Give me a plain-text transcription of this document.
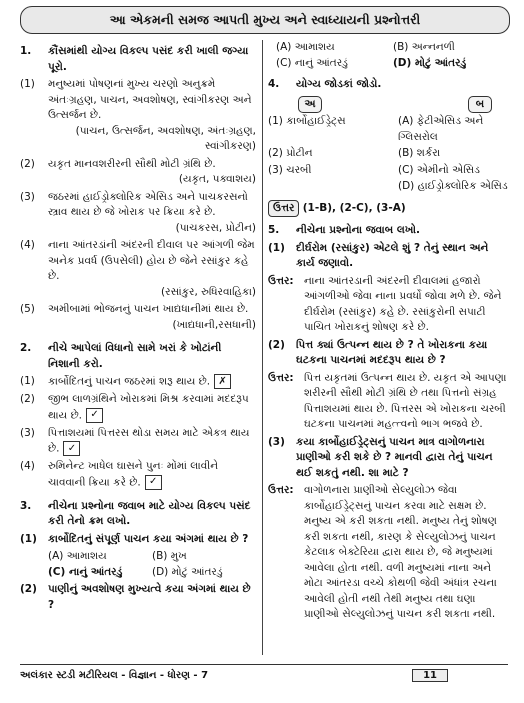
આ એકમની સમજ આપતી મુખ્ય અને સ્વાધ્યાયની પ્રશ્નોત્તરી
1.	કૌંસમાંથી યોગ્ય વિકલ્પ પસંદ કરી ખાલી જગ્યા પૂરો.
(1)	મનુષ્યમાં પોષણનાં મુખ્ય ચરણો અનુક્રમે અંતઃગ્રહણ, પાચન, અવશોષણ, સ્વાંગીકરણ અને ઉત્સર્જન છે.
(પાચન, ઉત્સર્જન, અવશોષણ, અંતઃગ્રહણ, સ્વાંગીકરણ)
(2)	યકૃત માનવશરીરની સૌથી મોટી ગ્રંથિ છે.
(યકૃત, પક્વાશય)
(3)	જઠરમાં હાઈડ્રોક્લોરિક એસિડ અને પાચકરસનો સ્ત્રાવ થાય છે જે ખોરાક પર ક્રિયા કરે છે.
(પાચકરસ, પ્રોટીન)
(4)	નાના આંતરડાંની અંદરની દીવાલ પર આંગળી જેમ અનેક પ્રવર્ધ (ઉપસેલી) હોય છે જેને રસાંકુર કહે છે.
(રસાંકુર, રુધિરવાહિકા)
(5)	અમીબામાં ભોજનનું પાચન ખાદ્યધાનીમાં થાય છે.
(ખાદ્યધાની,રસધાની)
2.	નીચે આપેલાં વિધાનો સામે ખરાં કે ખોટાંની નિશાની કરો.
(1)	કાર્બોદિતનું પાચન જઠરમાં શરૂ થાય છે. ✗
(2)	જીભ લાળગ્રંથિને ખોરાકમાં મિશ્ર કરવામાં મદદરૂપ થાય છે. ✓
(3)	પિત્તાશયમાં પિત્તરસ થોડા સમય માટે એકત્ર થાય છે. ✓
(4)	રુમિનેન્ટ ખાધેલ ઘાસને પુનઃ મોંમાં લાવીને ચાવવાની ક્રિયા કરે છે. ✓
3.	નીચેના પ્રશ્નોના જવાબ માટે યોગ્ય વિકલ્પ પસંદ કરી તેનો ક્રમ લખો.
(1)	કાર્બોદિતનું સંપૂર્ણ પાચન કયા અંગમાં થાય છે ?
(A) આમાશય	(B) મુખ
(C) નાનું આંતરડું	(D) મોટું આંતરડું
(2)	પાણીનું અવશોષણ મુખ્યત્વે કયા અંગમાં થાય છે ?
(A) આમાશય	(B) અન્નનળી
(C) નાનું આંતરડું	(D) મોટું આંતરડું
4.	યોગ્ય જોડકાં જોડો.
અ	બ
(1) કાર્બોહાઈડ્રેટ્સ	(A) ફેટીએસિડ અને ગ્લિસરોલ
(2) પ્રોટીન	(B) શર્કરા
(3) ચરબી	(C) એમીનો એસિડ
(D) હાઈડ્રોક્લોરિક એસિડ
ઉત્તર (1-B), (2-C), (3-A)
5.	નીચેના પ્રશ્નોના જવાબ લખો.
(1)	દીર્ઘરોમ (રસાંકુર) એટલે શું ? તેનું સ્થાન અને કાર્ય જણાવો.
ઉત્તર: નાના આંતરડાની અંદરની દીવાલમાં હજારો આંગળીઓ જેવા નાના પ્રવર્ધો જોવા મળે છે. જેને દીર્ઘરોમ (રસાંકુર) કહે છે. રસાંકુરોની સપાટી પાચિત ખોરાકનું શોષણ કરે છે.
(2)	પિત્ત ક્યાં ઉત્પન્ન થાય છે ? તે ખોરાકના કયા ઘટકના પાચનમાં મદદરૂપ થાય છે ?
ઉત્તર: પિત્ત યકૃતમાં ઉત્પન્ન થાય છે. યકૃત એ આપણા શરીરની સૌથી મોટી ગ્રંથિ છે તથા પિત્તનો સંગ્રહ પિત્તાશયમાં થાય છે. પિત્તરસ એ ખોરાકના ચરબી ઘટકના પાચનમાં મહત્ત્વનો ભાગ ભજવે છે.
(3)	કયા કાર્બોહાઈડ્રેટ્સનું પાચન માત્ર વાગોળનારા પ્રાણીઓ કરી શકે છે ? માનવી દ્વારા તેનું પાચન થઈ શકતું નથી. શા માટે ?
ઉત્તર: વાગોળનારા પ્રાણીઓ સેલ્યુલોઝ જેવા કાર્બોહાઈડ્રેટ્સનું પાચન કરવા માટે સક્ષમ છે. મનુષ્ય એ કરી શકતા નથી. મનુષ્ય તેનું શોષણ કરી શકતા નથી, કારણ કે સેલ્યુલોઝનું પાચન કેટલાક બેક્ટેરિયા દ્વારા થાય છે, જે મનુષ્યમાં આવેલા હોતા નથી. વળી મનુષ્યમાં નાના અને મોટા આંતરડા વચ્ચે કોથળી જેવી અંધાંત્ર રચના આવેલી હોતી નથી તેથી મનુષ્ય તથા ઘણા પ્રાણીઓ સેલ્યુલોઝનું પાચન કરી શકતા નથી.
અલંકાર સ્ટડી મટીરિયલ - વિજ્ઞાન - ધોરણ - 7	11
